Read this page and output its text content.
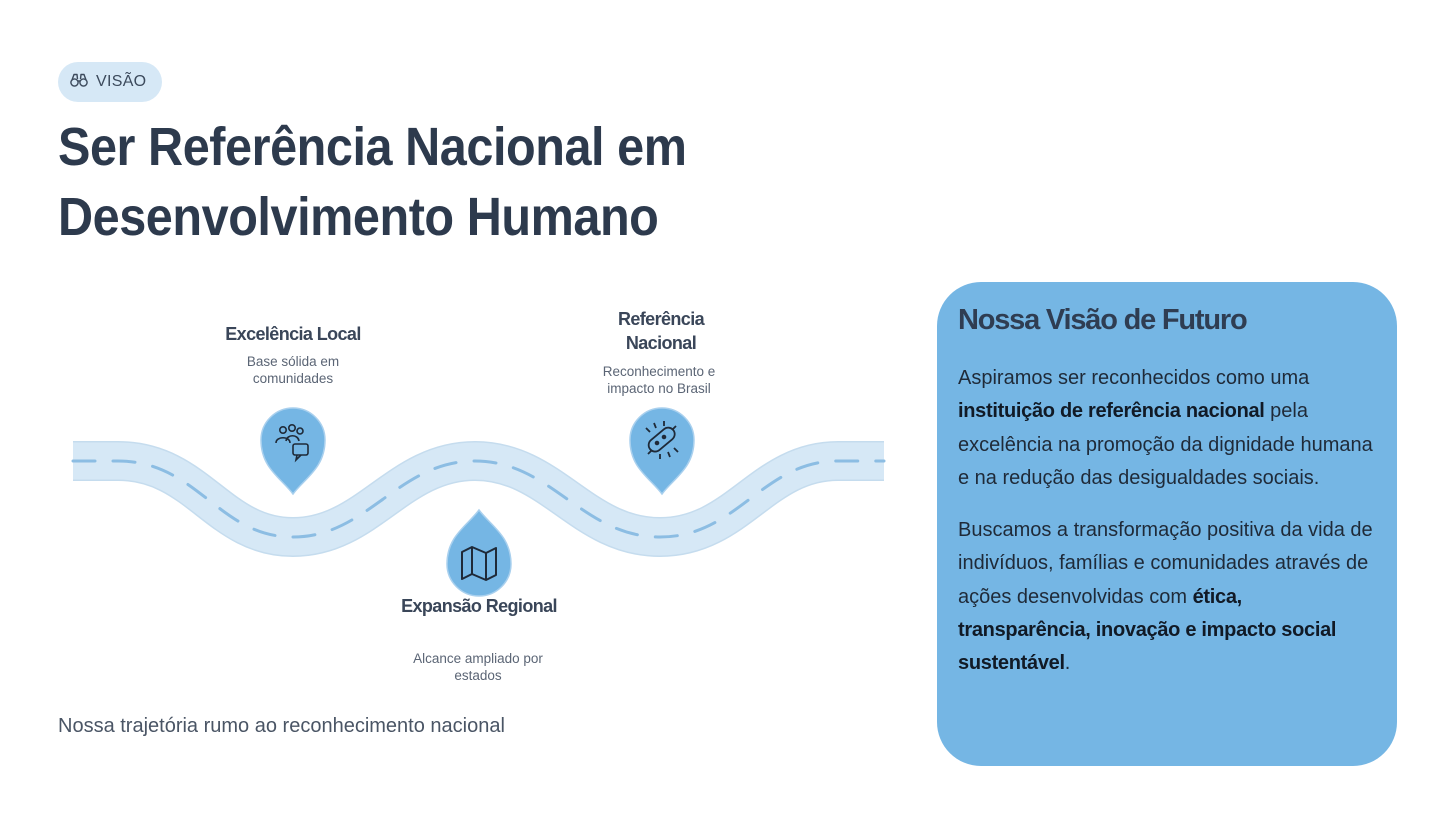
VISÃO
Ser Referência Nacional em Desenvolvimento Humano
Excelência Local
Base sólida em comunidades
Referência Nacional
Reconhecimento e impacto no Brasil
Expansão Regional
Alcance ampliado por estados
Nossa trajetória rumo ao reconhecimento nacional
Nossa Visão de Futuro

Aspiramos ser reconhecidos como uma instituição de referência nacional pela excelência na promoção da dignidade humana e na redução das desigualdades sociais.

Buscamos a transformação positiva da vida de indivíduos, famílias e comunidades através de ações desenvolvidas com ética, transparência, inovação e impacto social sustentável.
